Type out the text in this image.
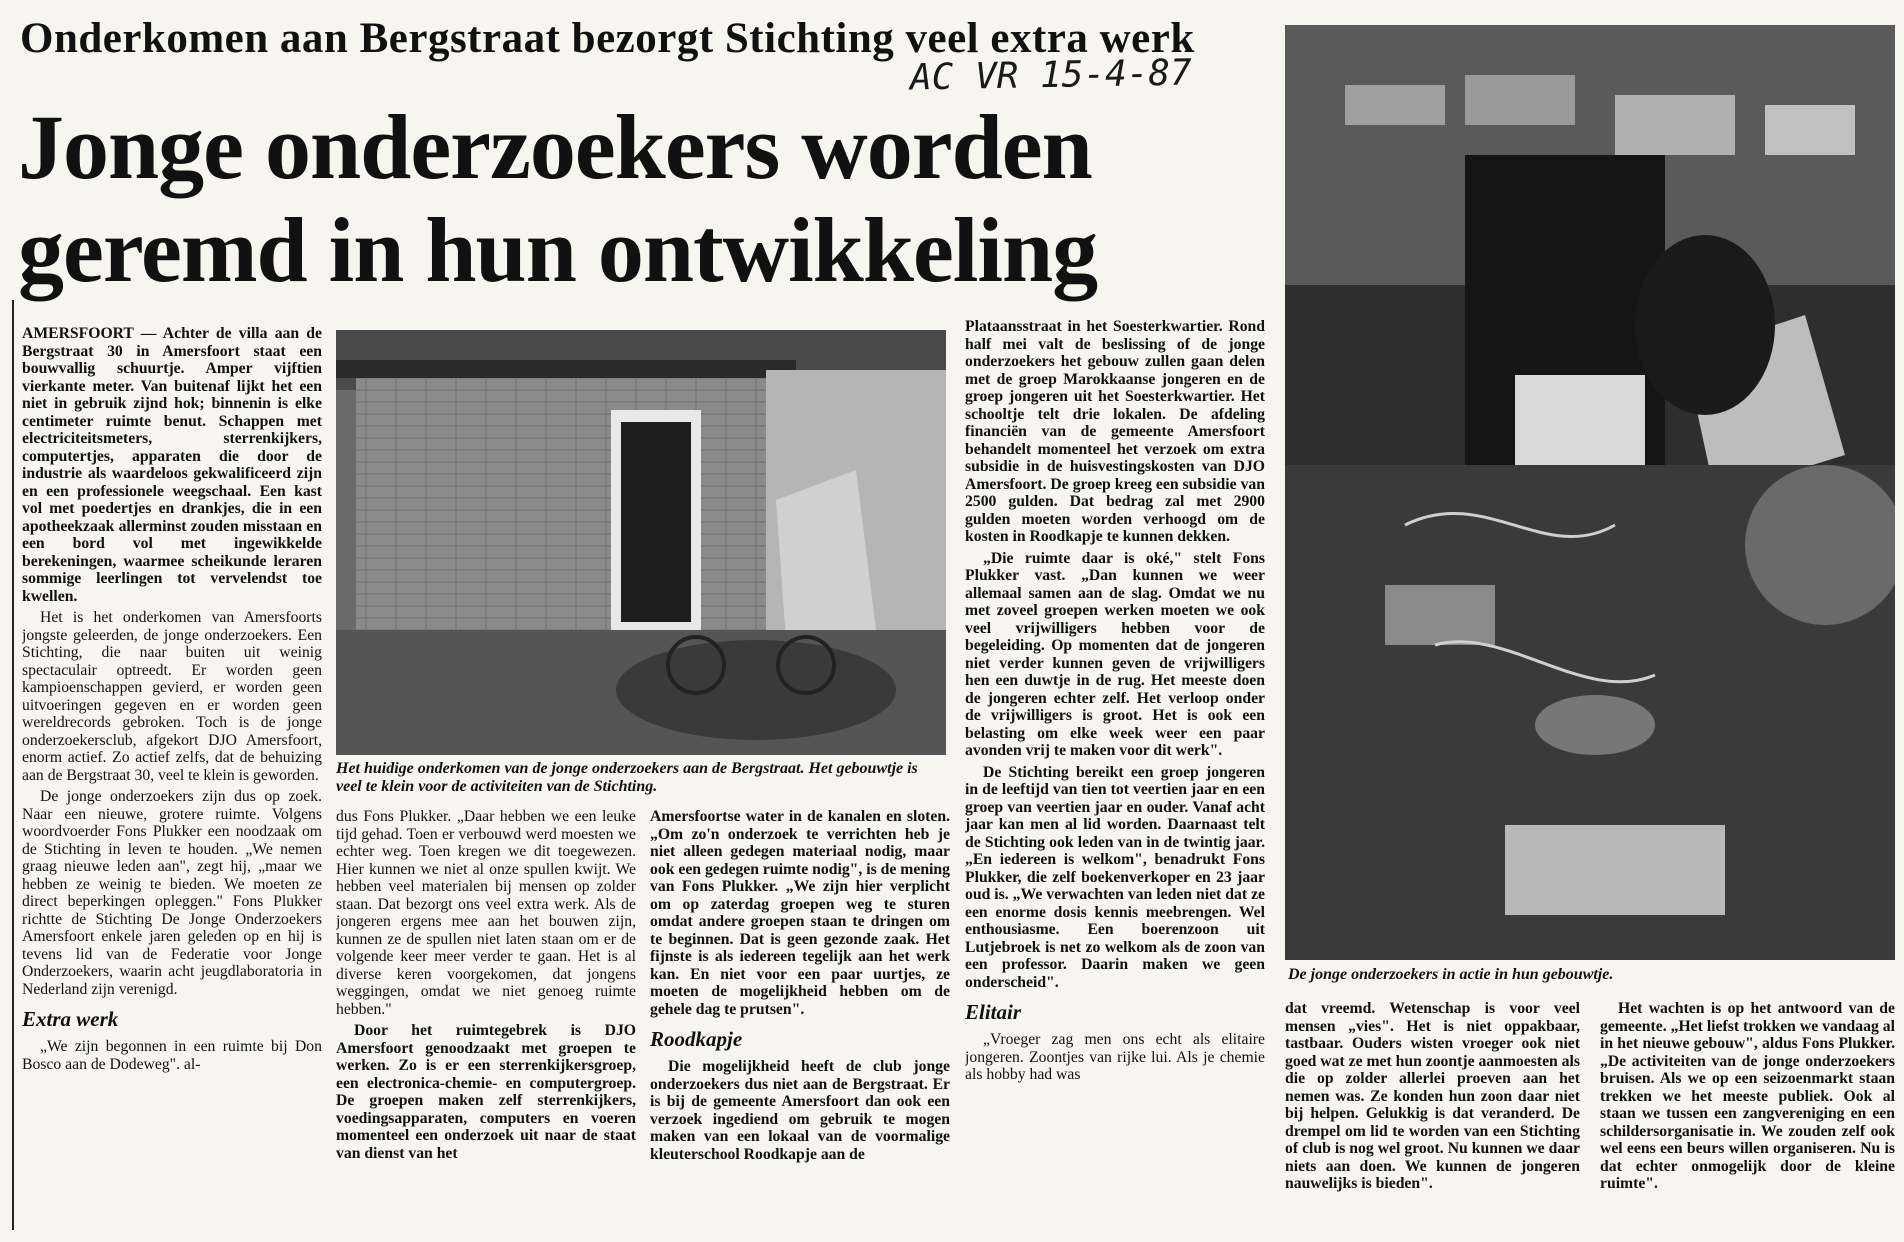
Onderkomen aan Bergstraat bezorgt Stichting veel extra werk
AC VR 15-4-87
Jonge onderzoekers worden
geremd in hun ontwikkeling

AMERSFOORT — Achter de villa aan de Bergstraat 30 in Amersfoort staat een bouwvallig schuurtje. Amper vijftien vierkante meter. Van buitenaf lijkt het een niet in gebruik zijnd hok; binnenin is elke centimeter ruimte benut. Schappen met electriciteitsmeters, sterrenkijkers, computertjes, apparaten die door de industrie als waardeloos gekwalificeerd zijn en een professionele weegschaal. Een kast vol met poedertjes en drankjes, die in een apotheekzaak allerminst zouden misstaan en een bord vol met ingewikkelde berekeningen, waarmee scheikunde leraren sommige leerlingen tot vervelendst toe kwellen.

Het is het onderkomen van Amersfoorts jongste geleerden, de jonge onderzoekers. Een Stichting, die naar buiten uit weinig spectaculair optreedt. Er worden geen kampioenschappen gevierd, er worden geen uitvoeringen gegeven en er worden geen wereldrecords gebroken. Toch is de jonge onderzoekersclub, afgekort DJO Amersfoort, enorm actief. Zo actief zelfs, dat de behuizing aan de Bergstraat 30, veel te klein is geworden.

De jonge onderzoekers zijn dus op zoek. Naar een nieuwe, grotere ruimte. Volgens woordvoerder Fons Plukker een noodzaak om de Stichting in leven te houden. „We nemen graag nieuwe leden aan", zegt hij, „maar we hebben ze weinig te bieden. We moeten ze direct beperkingen opleggen." Fons Plukker richtte de Stichting De Jonge Onderzoekers Amersfoort enkele jaren geleden op en hij is tevens lid van de Federatie voor Jonge Onderzoekers, waarin acht jeugdlaboratoria in Nederland zijn verenigd.

Extra werk

„We zijn begonnen in een ruimte bij Don Bosco aan de Dodeweg". al-

Het huidige onderkomen van de jonge onderzoekers aan de Bergstraat. Het gebouwtje is veel te klein voor de activiteiten van de Stichting.

dus Fons Plukker. „Daar hebben we een leuke tijd gehad. Toen er verbouwd werd moesten we echter weg. Toen kregen we dit toegewezen. Hier kunnen we niet al onze spullen kwijt. We hebben veel materialen bij mensen op zolder staan. Dat bezorgt ons veel extra werk. Als de jongeren ergens mee aan het bouwen zijn, kunnen ze de spullen niet laten staan om er de volgende keer meer verder te gaan. Het is al diverse keren voorgekomen, dat jongens weggingen, omdat we niet genoeg ruimte hebben."

Door het ruimtegebrek is DJO Amersfoort genoodzaakt met groepen te werken. Zo is er een sterrenkijkersgroep, een electronica-chemie- en computergroep. De groepen maken zelf sterrenkijkers, voedingsapparaten, computers en voeren momenteel een onderzoek uit naar de staat van dienst van het

Amersfoortse water in de kanalen en sloten. „Om zo'n onderzoek te verrichten heb je niet alleen gedegen materiaal nodig, maar ook een gedegen ruimte nodig", is de mening van Fons Plukker. „We zijn hier verplicht om op zaterdag groepen weg te sturen omdat andere groepen staan te dringen om te beginnen. Dat is geen gezonde zaak. Het fijnste is als iedereen tegelijk aan het werk kan. En niet voor een paar uurtjes, ze moeten de mogelijkheid hebben om de gehele dag te prutsen".

Roodkapje

Die mogelijkheid heeft de club jonge onderzoekers dus niet aan de Bergstraat. Er is bij de gemeente Amersfoort dan ook een verzoek ingediend om gebruik te mogen maken van een lokaal van de voormalige kleuterschool Roodkapje aan de

Plataansstraat in het Soesterkwartier. Rond half mei valt de beslissing of de jonge onderzoekers het gebouw zullen gaan delen met de groep Marokkaanse jongeren en de groep jongeren uit het Soesterkwartier. Het schooltje telt drie lokalen. De afdeling financiën van de gemeente Amersfoort behandelt momenteel het verzoek om extra subsidie in de huisvestingskosten van DJO Amersfoort. De groep kreeg een subsidie van 2500 gulden. Dat bedrag zal met 2900 gulden moeten worden verhoogd om de kosten in Roodkapje te kunnen dekken.

„Die ruimte daar is oké," stelt Fons Plukker vast. „Dan kunnen we weer allemaal samen aan de slag. Omdat we nu met zoveel groepen werken moeten we ook veel vrijwilligers hebben voor de begeleiding. Op momenten dat de jongeren niet verder kunnen geven de vrijwilligers hen een duwtje in de rug. Het meeste doen de jongeren echter zelf. Het verloop onder de vrijwilligers is groot. Het is ook een belasting om elke week weer een paar avonden vrij te maken voor dit werk".

De Stichting bereikt een groep jongeren in de leeftijd van tien tot veertien jaar en een groep van veertien jaar en ouder. Vanaf acht jaar kan men al lid worden. Daarnaast telt de Stichting ook leden van in de twintig jaar. „En iedereen is welkom", benadrukt Fons Plukker, die zelf boekenverkoper en 23 jaar oud is. „We verwachten van leden niet dat ze een enorme dosis kennis meebrengen. Wel enthousiasme. Een boerenzoon uit Lutjebroek is net zo welkom als de zoon van een professor. Daarin maken we geen onderscheid".

Elitair

„Vroeger zag men ons echt als elitaire jongeren. Zoontjes van rijke lui. Als je chemie als hobby had was

De jonge onderzoekers in actie in hun gebouwtje.

dat vreemd. Wetenschap is voor veel mensen „vies". Het is niet oppakbaar, tastbaar. Ouders wisten vroeger ook niet goed wat ze met hun zoontje aanmoesten als die op zolder allerlei proeven aan het nemen was. Ze konden hun zoon daar niet bij helpen. Gelukkig is dat veranderd. De drempel om lid te worden van een Stichting of club is nog wel groot. Nu kunnen we daar niets aan doen. We kunnen de jongeren nauwelijks is bieden".

Het wachten is op het antwoord van de gemeente. „Het liefst trokken we vandaag al in het nieuwe gebouw", aldus Fons Plukker. „De activiteiten van de jonge onderzoekers bruisen. Als we op een seizoenmarkt staan trekken we het meeste publiek. Ook al staan we tussen een zangvereniging en een schildersorganisatie in. We zouden zelf ook wel eens een beurs willen organiseren. Nu is dat echter onmogelijk door de kleine ruimte".
